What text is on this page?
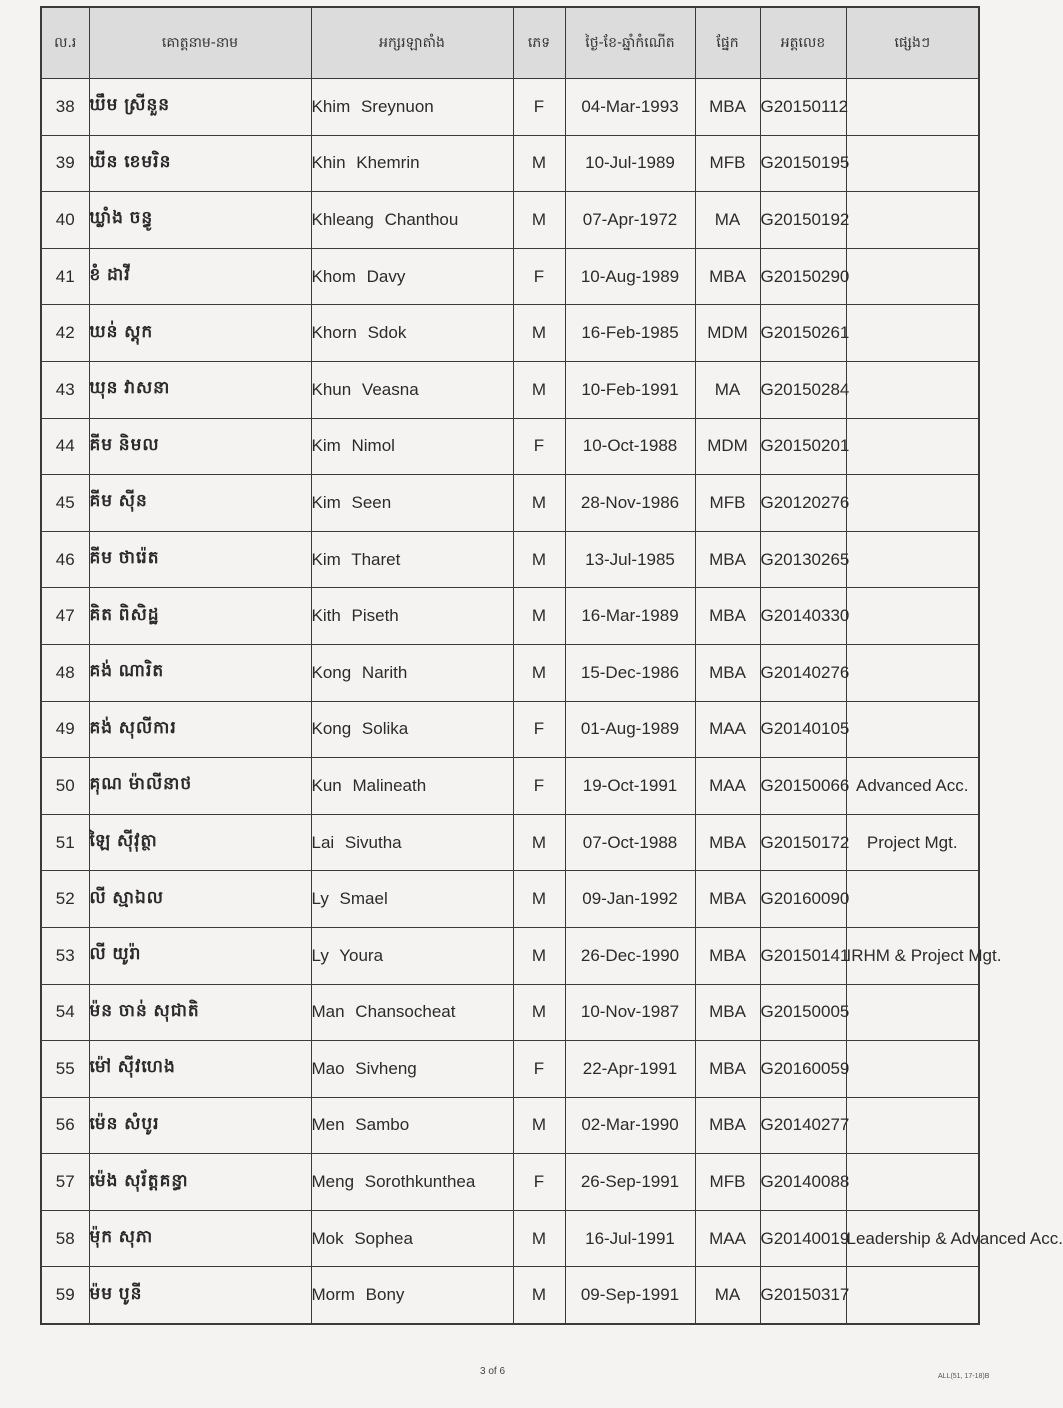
ល.រ	គោត្តនាម-នាម	អក្សរឡាតាំង	ភេទ	ថ្ងៃ-ខែ-ឆ្នាំកំណើត	ផ្នែក	អត្តលេខ	ផ្សេងៗ
38	ឃឹម ស្រីនួន	Khim Sreynuon	F	04-Mar-1993	MBA	G20150112	
39	ឃីន ខេមរិន	Khin Khemrin	M	10-Jul-1989	MFB	G20150195	
40	ឃ្លាំង ចន្ធូ	Khleang Chanthou	M	07-Apr-1972	MA	G20150192	
41	ខំ ដាវី	Khom Davy	F	10-Aug-1989	MBA	G20150290	
42	ឃន់ ស្តុក	Khorn Sdok	M	16-Feb-1985	MDM	G20150261	
43	ឃុន វាសនា	Khun Veasna	M	10-Feb-1991	MA	G20150284	
44	គីម និមល	Kim Nimol	F	10-Oct-1988	MDM	G20150201	
45	គីម ស៊ីន	Kim Seen	M	28-Nov-1986	MFB	G20120276	
46	គីម ថារ៉េត	Kim Tharet	M	13-Jul-1985	MBA	G20130265	
47	គិត ពិសិដ្ឋ	Kith Piseth	M	16-Mar-1989	MBA	G20140330	
48	គង់ ណារិត	Kong Narith	M	15-Dec-1986	MBA	G20140276	
49	គង់ សុលីការ	Kong Solika	F	01-Aug-1989	MAA	G20140105	
50	គុណ ម៉ាលីនាថ	Kun Malineath	F	19-Oct-1991	MAA	G20150066	Advanced Acc.
51	ឡៃ ស៊ីវុត្ថា	Lai Sivutha	M	07-Oct-1988	MBA	G20150172	Project Mgt.
52	លី ស្មាឯល	Ly Smael	M	09-Jan-1992	MBA	G20160090	
53	លី យូរ៉ា	Ly Youra	M	26-Dec-1990	MBA	G20150141	IRHM & Project Mgt.
54	ម៉ន ចាន់ សុជាតិ	Man Chansocheat	M	10-Nov-1987	MBA	G20150005	
55	ម៉ៅ ស៊ីវហេង	Mao Sivheng	F	22-Apr-1991	MBA	G20160059	
56	ម៉េន សំបូរ	Men Sambo	M	02-Mar-1990	MBA	G20140277	
57	ម៉េង សុរ័ត្តគន្ធា	Meng Sorothkunthea	F	26-Sep-1991	MFB	G20140088	
58	ម៉ុក សុភា	Mok Sophea	M	16-Jul-1991	MAA	G20140019	Leadership & Advanced Acc.
59	ម៉ម បូនី	Morm Bony	M	09-Sep-1991	MA	G20150317	
3 of 6	ALL(51, 17-18)B
